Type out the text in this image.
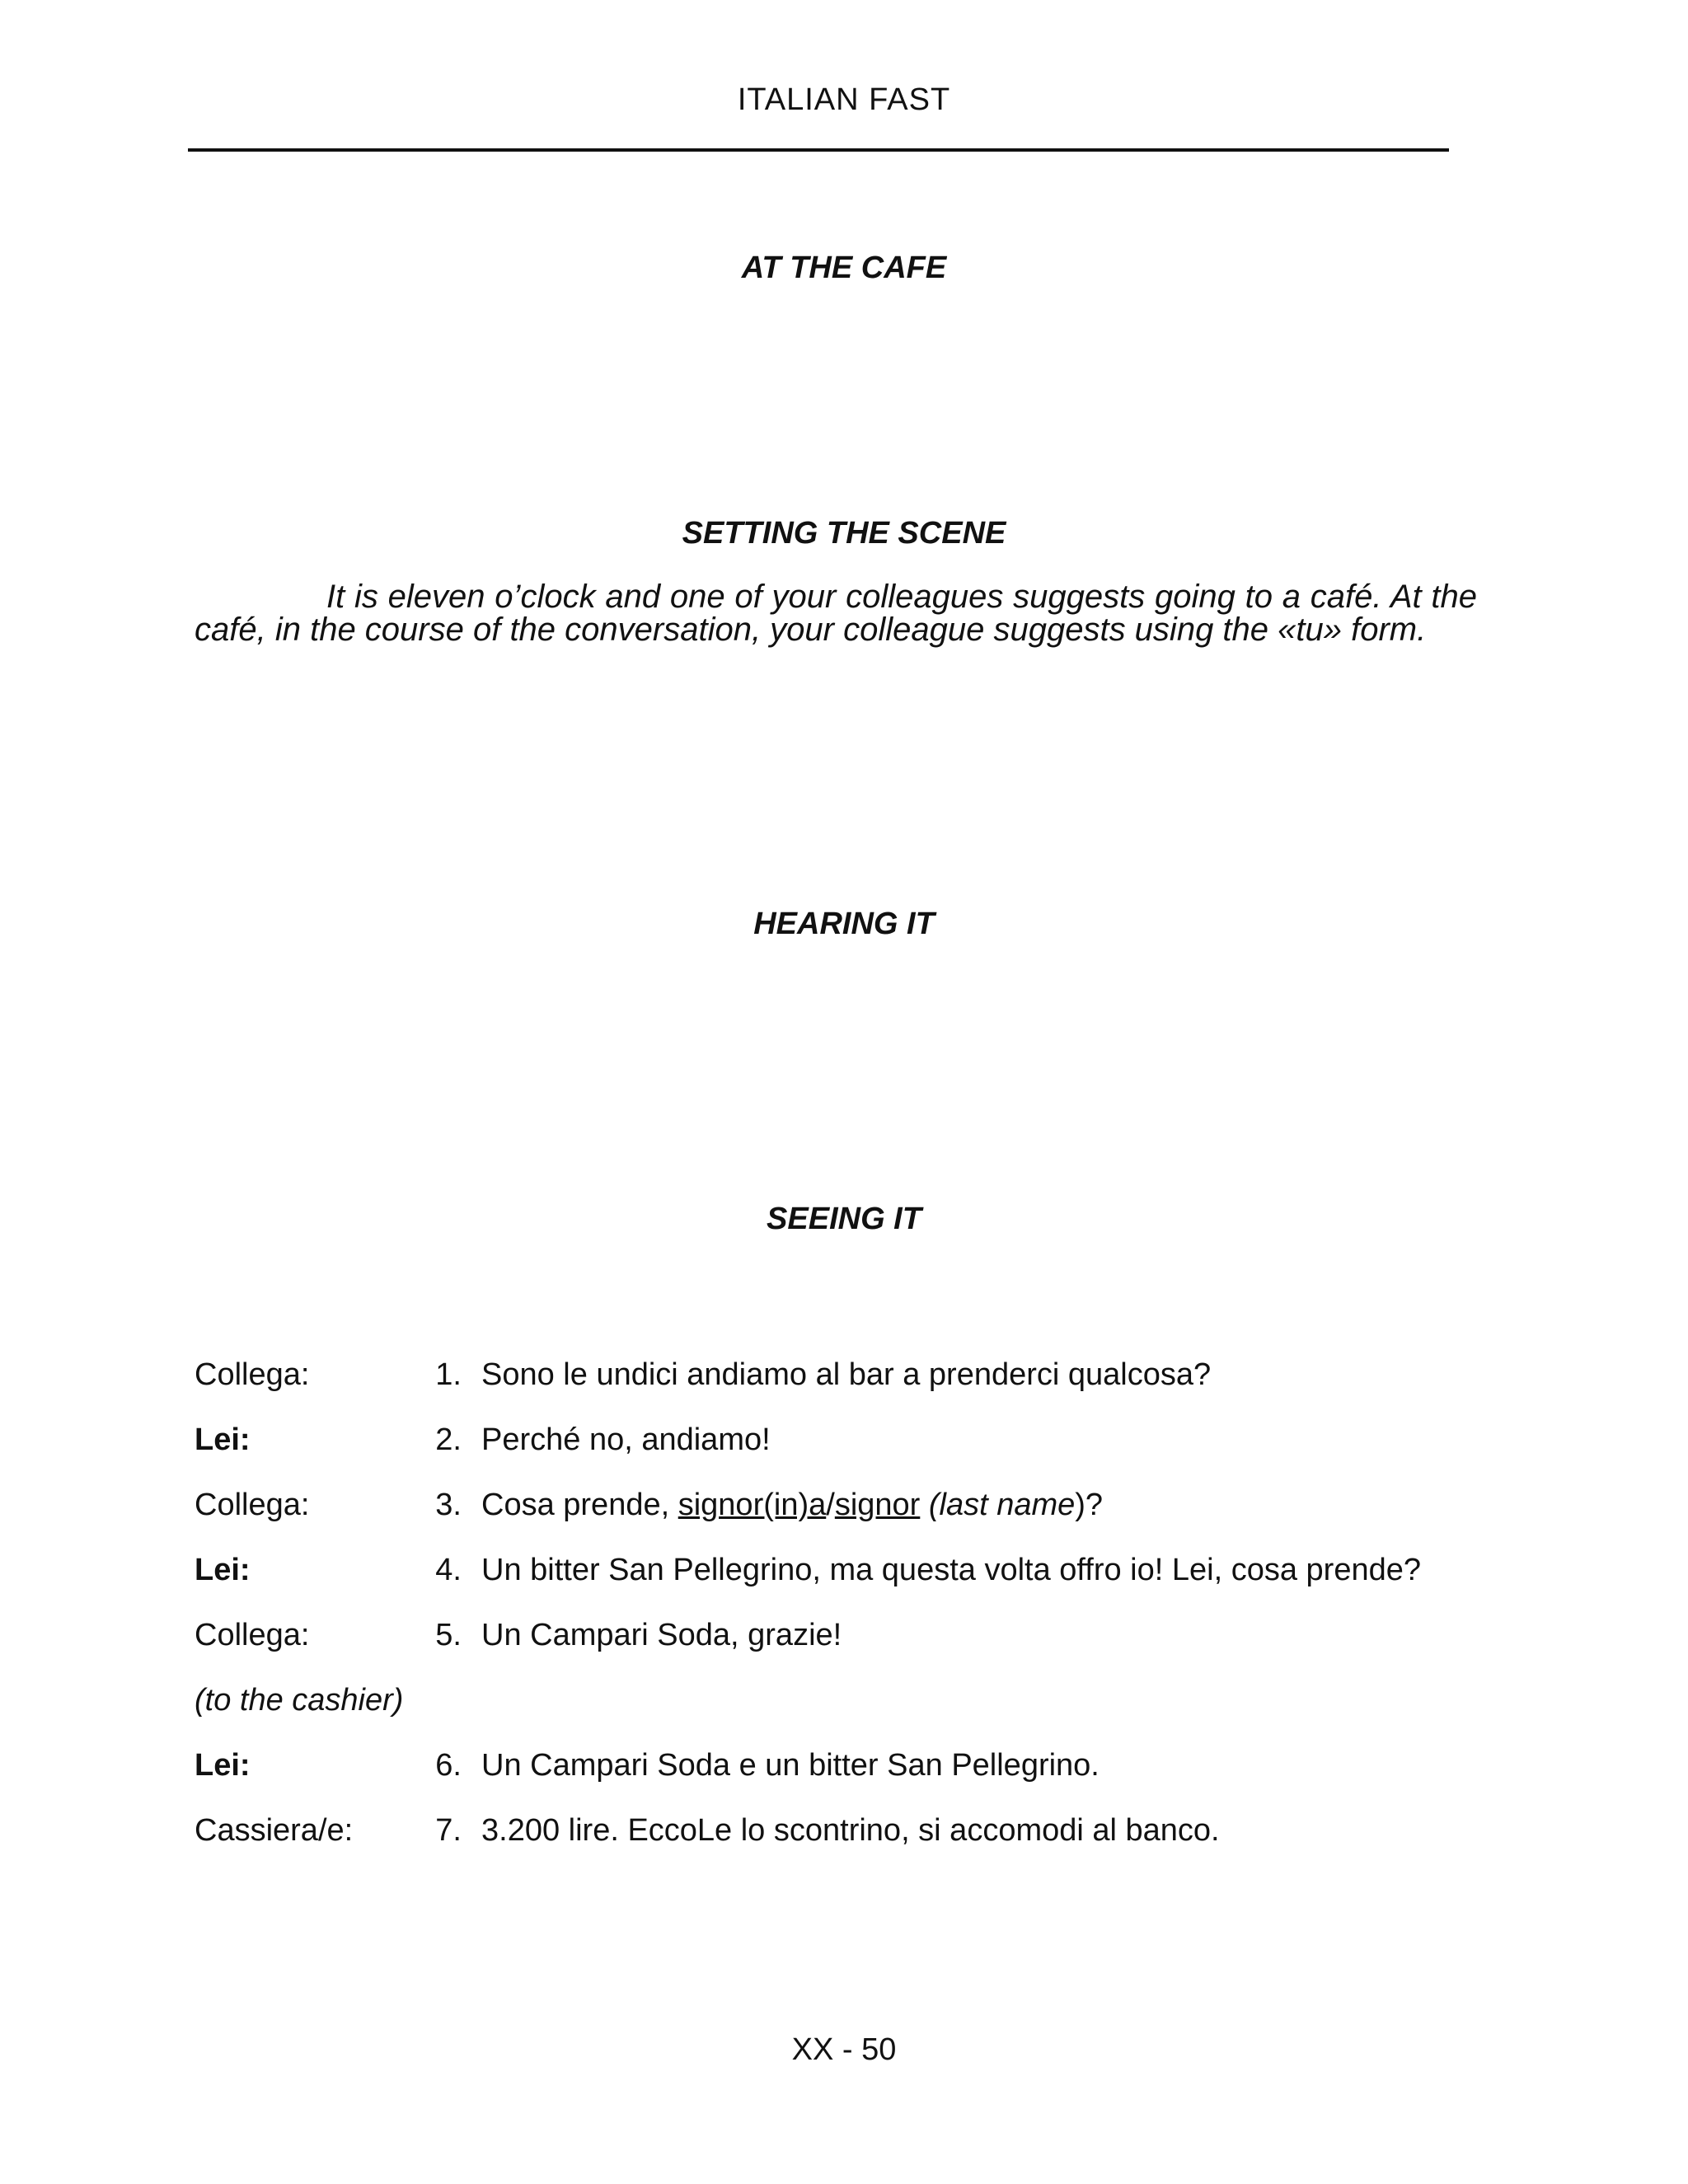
ITALIAN FAST
AT THE CAFE
SETTING THE SCENE

It is eleven o’clock and one of your colleagues suggests going to a café. At the café, in the course of the conversation, your colleague suggests using the «tu» form.

HEARING IT
SEEING IT
Collega:	1. Sono le undici andiamo al bar a prenderci qualcosa?
Lei:	2. Perché no, andiamo!
Collega:	3. Cosa prende, signor(in)a/signor (last name)?
Lei:	4. Un bitter San Pellegrino, ma questa volta offro io! Lei, cosa prende?
Collega:	5. Un Campari Soda, grazie!
(to the cashier)
Lei:	6. Un Campari Soda e un bitter San Pellegrino.
Cassiera/e:	7. 3.200 lire. EccoLe lo scontrino, si accomodi al banco.
XX - 50
